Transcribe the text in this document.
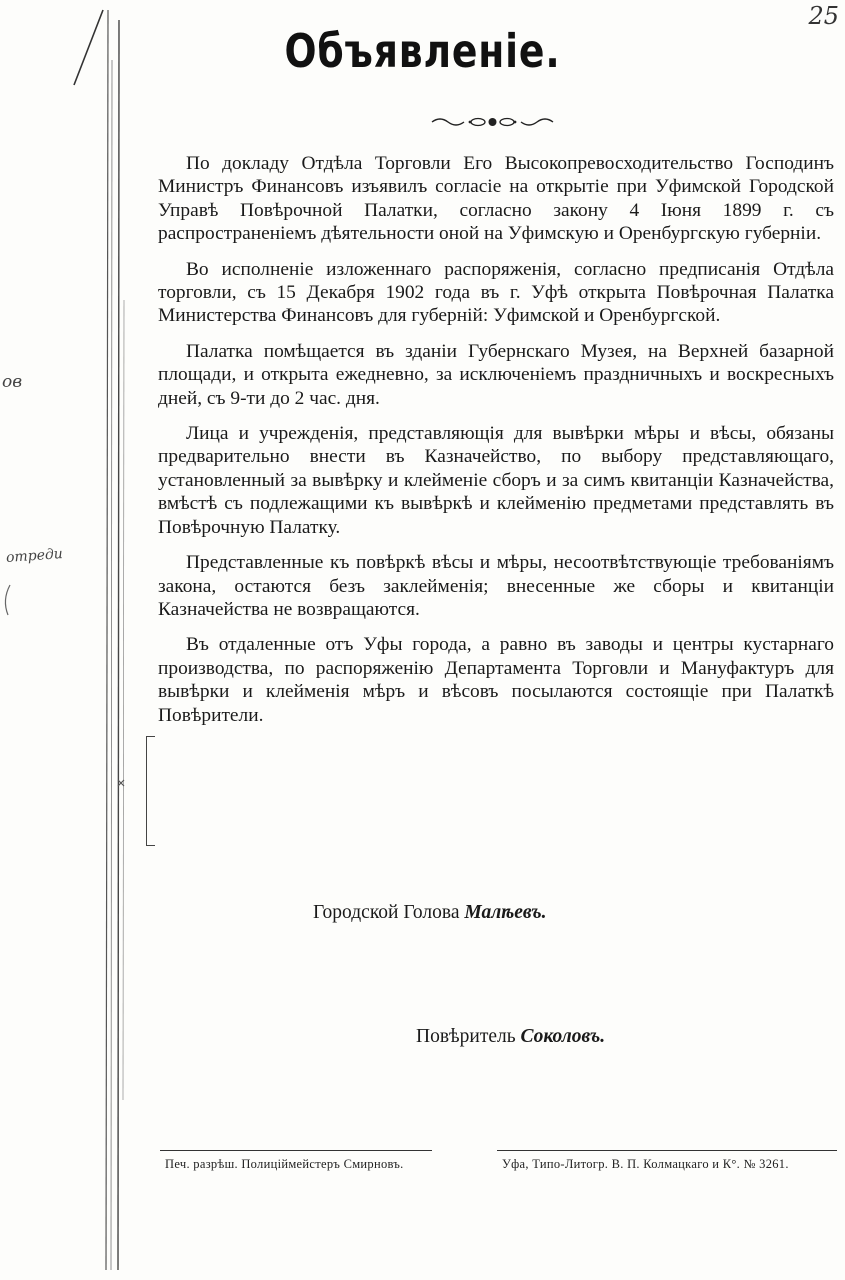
ов
отреди
25
Объявленіе.

По докладу Отдѣла Торговли Его Высокопревосходительство Господинъ Министръ Финансовъ изъявилъ согласіе на открытіе при Уфимской Городской Управѣ Повѣрочной Палатки, согласно закону 4 Іюня 1899 г. съ распространеніемъ дѣятельности оной на Уфимскую и Оренбургскую губерніи.

Во исполненіе изложеннаго распоряженія, согласно предписанія Отдѣла торговли, съ 15 Декабря 1902 года въ г. Уфѣ открыта Повѣрочная Палатка Министерства Финансовъ для губерній: Уфимской и Оренбургской.

Палатка помѣщается въ зданіи Губернскаго Музея, на Верхней базарной площади, и открыта ежедневно, за исключеніемъ праздничныхъ и воскресныхъ дней, съ 9-ти до 2 час. дня.

Лица и учрежденія, представляющія для вывѣрки мѣры и вѣсы, обязаны предварительно внести въ Казначейство, по выбору представляющаго, установленный за вывѣрку и клейменіе сборъ и за симъ квитанціи Казначейства, вмѣстѣ съ подлежащими къ вывѣркѣ и клейменію предметами представлять въ Повѣрочную Палатку.

Представленные къ повѣркѣ вѣсы и мѣры, несоотвѣтствующіе требованіямъ закона, остаются безъ заклейменія; внесенные же сборы и квитанціи Казначейства не возвращаются.

Въ отдаленные отъ Уфы города, а равно въ заводы и центры кустарнаго производства, по распоряженію Департамента Торговли и Мануфактуръ для вывѣрки и клейменія мѣръ и вѣсовъ посылаются состоящіе при Палаткѣ Повѣрители.

Городской Голова Малѣевъ.
Повѣритель Соколовъ.
Печ. разрѣш. Полицiймейстеръ Смирновъ.	Уфа, Типо-Литогр. В. П. Колмацкаго и К°. № 3261.
